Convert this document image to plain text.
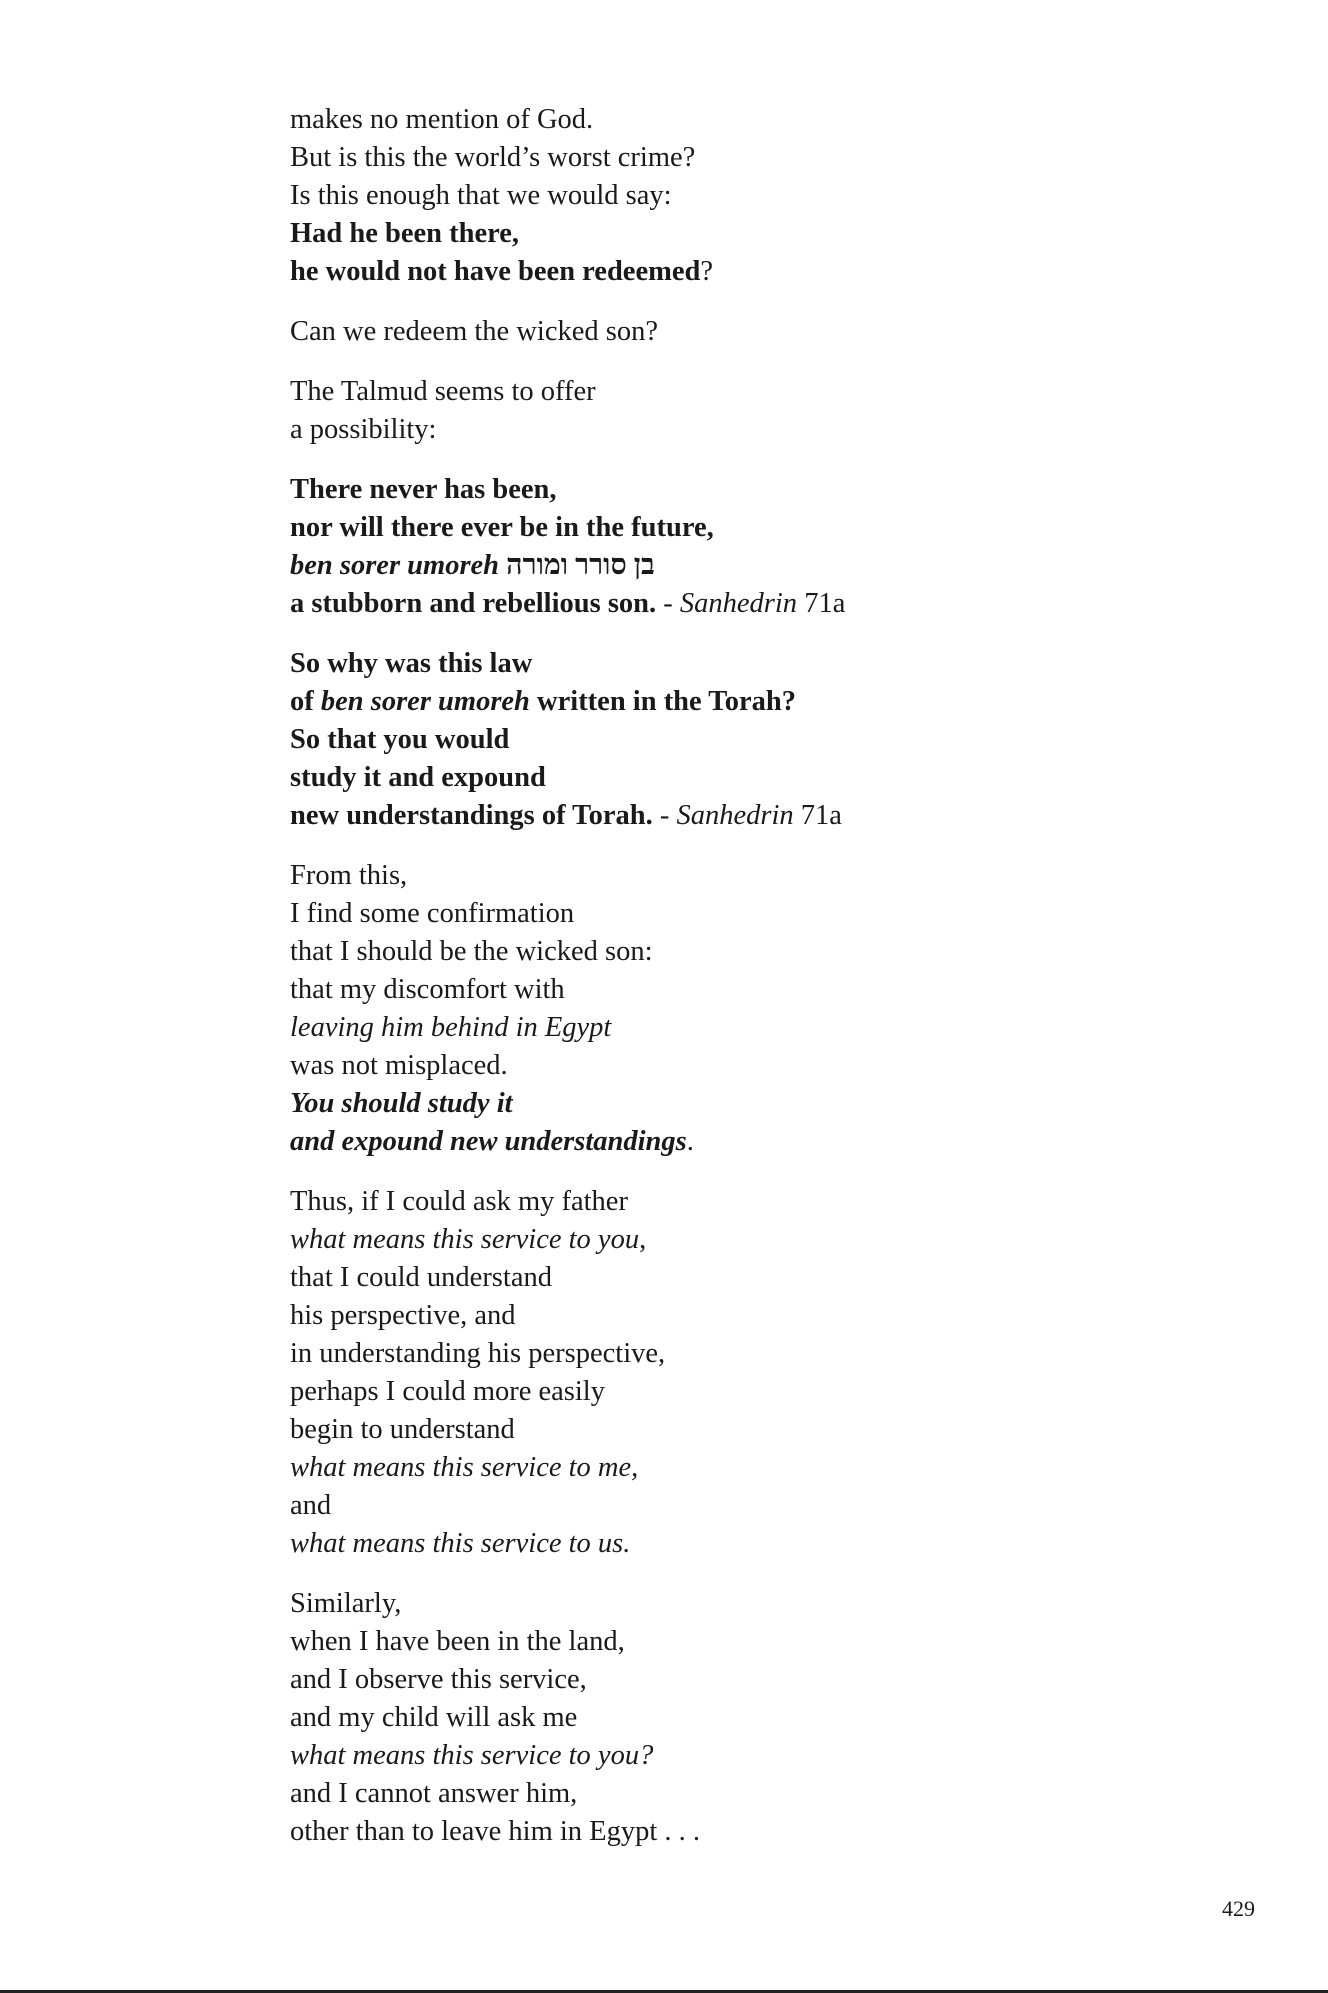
makes no mention of God.
But is this the world’s worst crime?
Is this enough that we would say:
Had he been there,
he would not have been redeemed?
Can we redeem the wicked son?
The Talmud seems to offer
a possibility:
There never has been,
nor will there ever be in the future,
ben sorer umoreh בן סורר ומורה
a stubborn and rebellious son. - Sanhedrin 71a
So why was this law
of ben sorer umoreh written in the Torah?
So that you would
study it and expound
new understandings of Torah. - Sanhedrin 71a
From this,
I find some confirmation
that I should be the wicked son:
that my discomfort with
leaving him behind in Egypt
was not misplaced.
You should study it
and expound new understandings.
Thus, if I could ask my father
what means this service to you,
that I could understand
his perspective, and
in understanding his perspective,
perhaps I could more easily
begin to understand
what means this service to me,
and
what means this service to us.
Similarly,
when I have been in the land,
and I observe this service,
and my child will ask me
what means this service to you?
and I cannot answer him,
other than to leave him in Egypt . . .
429
